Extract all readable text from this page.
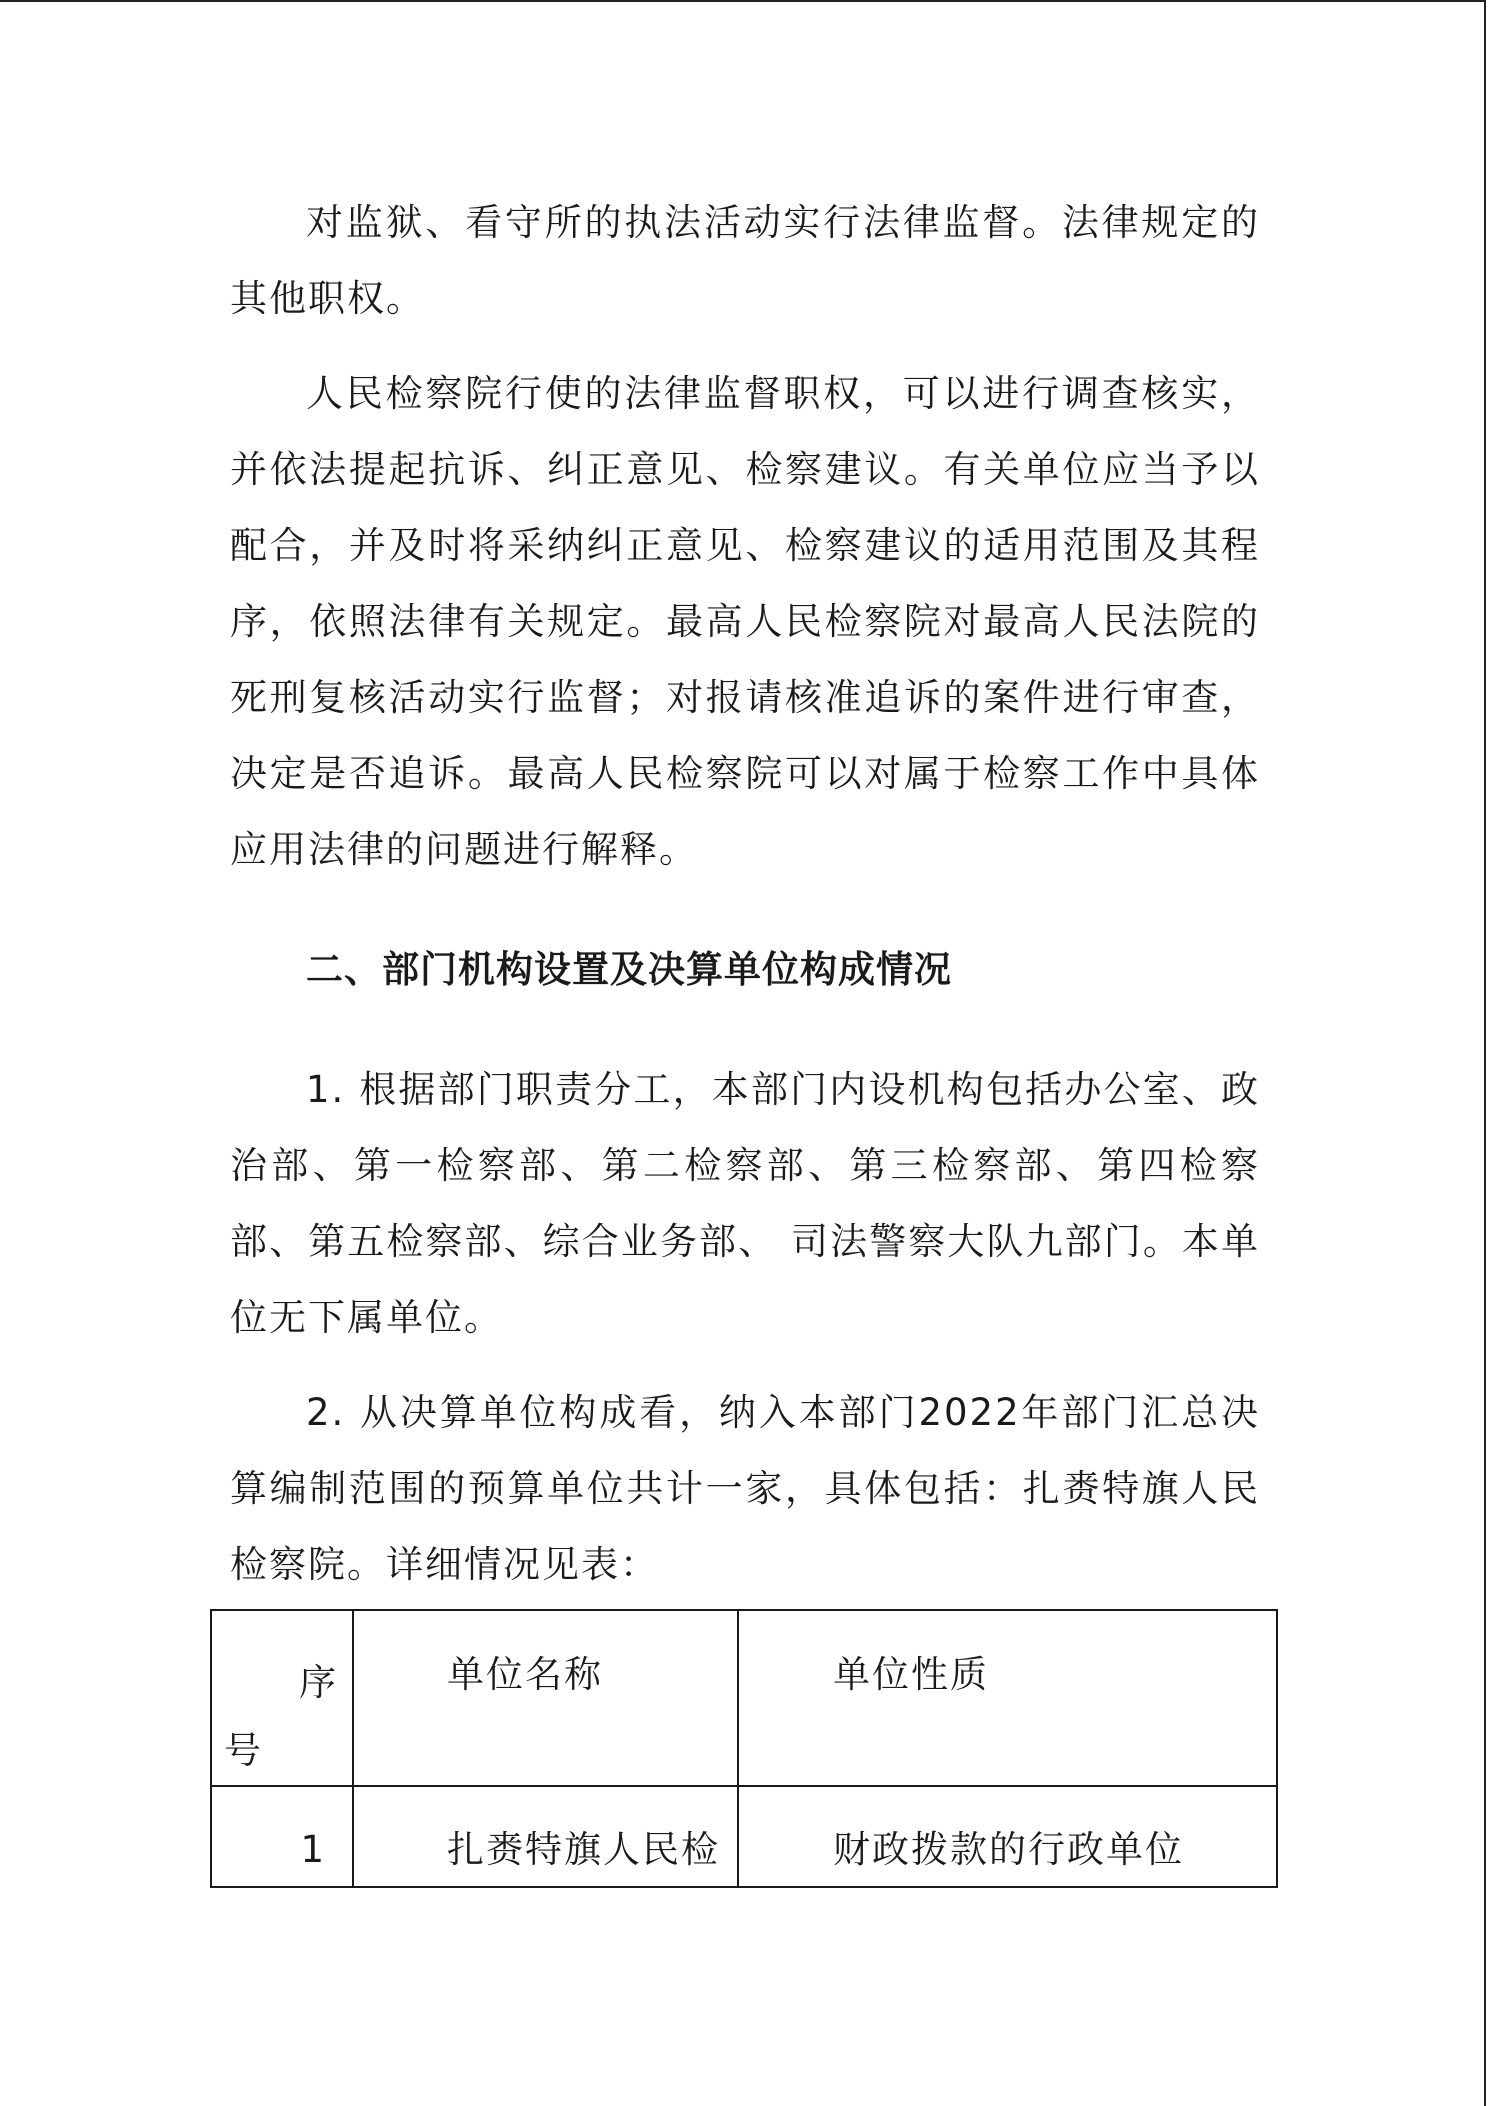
对监狱、看守所的执法活动实行法律监督。法律规定的其他职权。

人民检察院行使的法律监督职权，可以进行调查核实，并依法提起抗诉、纠正意见、检察建议。有关单位应当予以配合，并及时将采纳纠正意见、检察建议的适用范围及其程序，依照法律有关规定。最高人民检察院对最高人民法院的死刑复核活动实行监督；对报请核准追诉的案件进行审查，决定是否追诉。最高人民检察院可以对属于检察工作中具体应用法律的问题进行解释。

二、部门机构设置及决算单位构成情况

1. 根据部门职责分工，本部门内设机构包括办公室、政治部、第一检察部、第二检察部、第三检察部、第四检察部、第五检察部、综合业务部、 司法警察大队九部门。本单位无下属单位。

2. 从决算单位构成看，纳入本部门2022年部门汇总决算编制范围的预算单位共计一家，具体包括：扎赉特旗人民检察院。详细情况见表：

序
号	单位名称	单位性质

1	扎赉特旗人民检	财政拨款的行政单位
